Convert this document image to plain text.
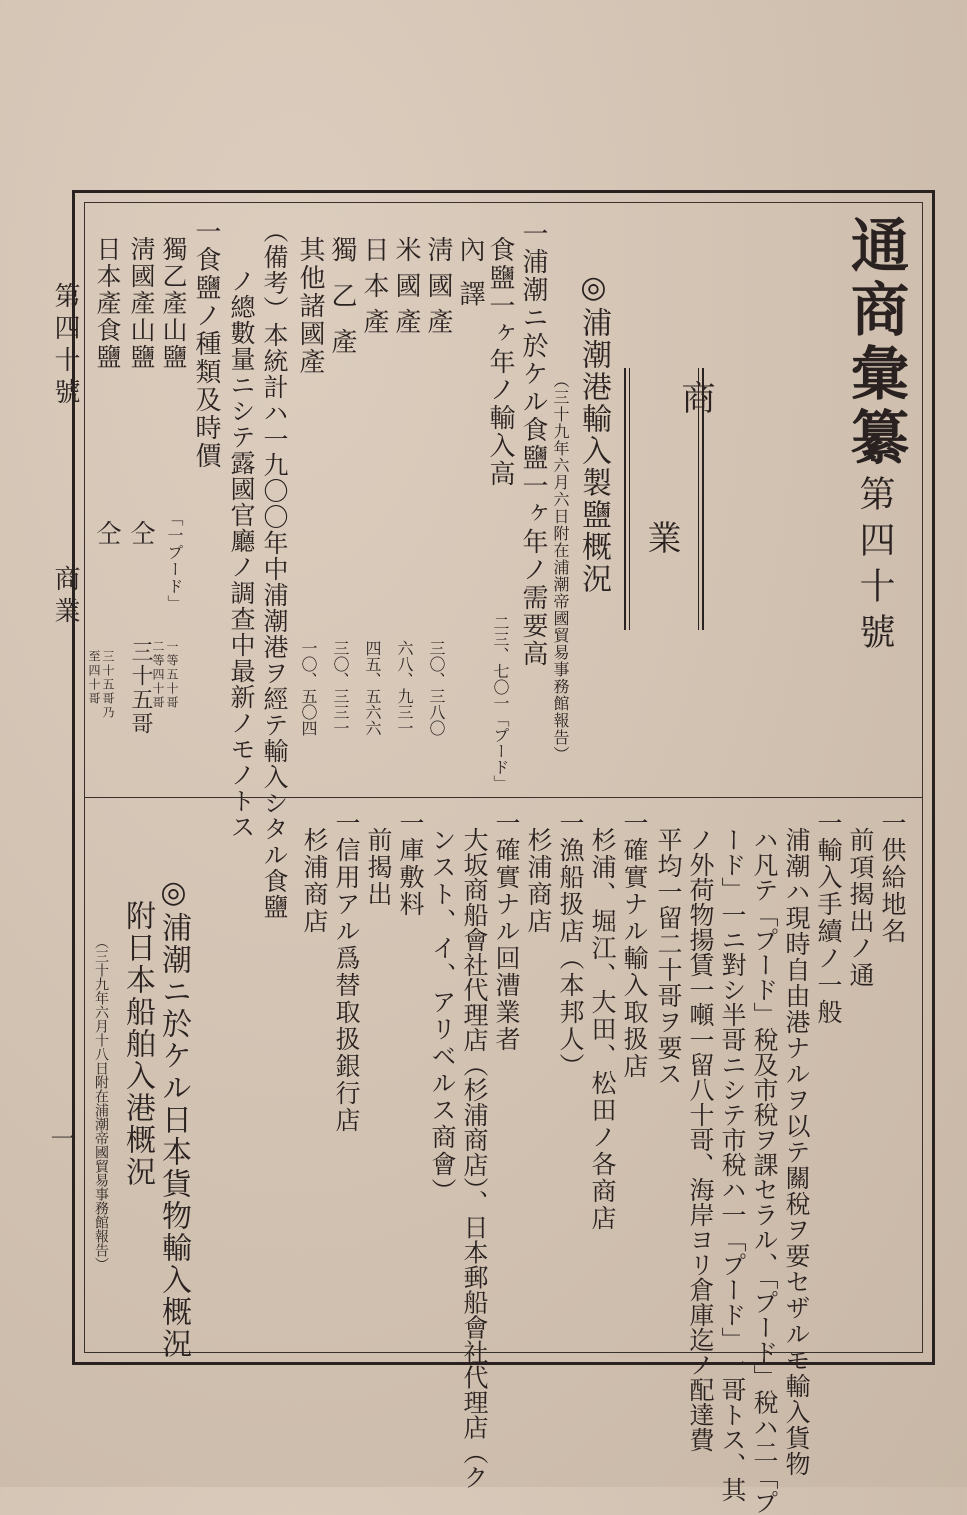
第四十號
商業
一
通商彙纂
第四十號
商
業
◎浦潮港輸入製鹽概況
（三十九年六月六日附在浦潮帝國貿易事務館報告）
一浦潮ニ於ケル食鹽一ヶ年ノ需要高
食鹽一ヶ年ノ輸入高
二三、七〇一「プード」
內譯
淸國產
三〇、三八〇
米國產
六八、九三一
日本產
四五、五六六
獨乙產
三〇、三三一
其他諸國產
一〇、五〇四
（備考）本統計ハ一九〇〇年中浦潮港ヲ經テ輸入シタル食鹽
ノ總數量ニシテ露國官廳ノ調查中最新ノモノトス
一食鹽ノ種類及時價
獨乙產山鹽
「一プード」
一等五十哥
二等四十哥
淸國產山鹽
仝
三十五哥
日本產食鹽
仝
三十五哥乃
至四十哥
一供給地名
前項揭出ノ通
一輸入手續ノ一般
浦潮ハ現時自由港ナルヲ以テ關稅ヲ要セザルモ輸入貨物
ハ凡テ「プード」稅及市稅ヲ課セラル、「プード」稅ハ二「プ
ード」一ニ對シ半哥ニシテ市稅ハ一「プード」一哥トス、其
ノ外荷物揚賃一噸一留八十哥、海岸ヨリ倉庫迄ノ配達費
平均一留二十哥ヲ要ス
一確實ナル輸入取扱店
杉浦、堀江、大田、松田ノ各商店
一漁船扱店（本邦人）
杉浦商店
一確實ナル回漕業者
大坂商船會社代理店（杉浦商店）、日本郵船會社代理店（ク
ンスト、イ、アリベルス商會）
一庫敷料
前揭出
一信用アル爲替取扱銀行店
杉浦商店
◎浦潮ニ於ケル日本貨物輸入概況
附日本船舶入港概況
（三十九年六月十八日附在浦潮帝國貿易事務館報告）
